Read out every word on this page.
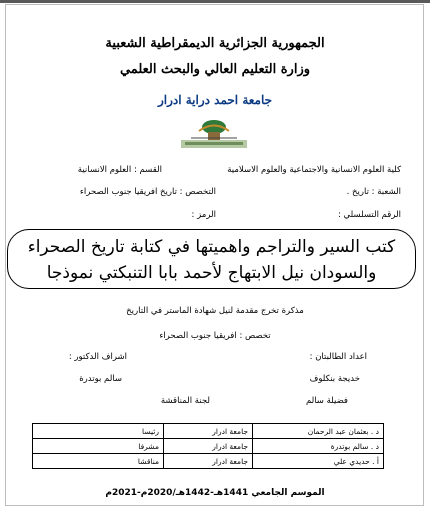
الجمهورية الجزائرية الديمقراطية الشعبية
وزارة التعليم العالي والبحث العلمي
جامعة احمد دراية ادرار
كلية العلوم الانسانية والاجتماعية والعلوم الاسلامية
القسم : العلوم الانسانية
الشعبة : تاريخ .
التخصص : تاريخ افريقيا جنوب الصحراء
الرقم التسلسلي :
الرمز :
كتب السير والتراجم واهميتها في كتابة تاريخ الصحراء
والسودان نيل الابتهاج لأحمد بابا التنبكتي نموذجا
مذكرة تخرج مقدمة لنيل شهادة الماستر في التاريخ
تخصص : افريقيا جنوب الصحراء
اعداد الطالبتان :
اشراف الدكتور :
خديجة بنكلوف
سالم بوتدرة
فضيلة سالم
لجنة المناقشة
د . بعثمان عبد الرحمان	جامعة ادرار	رئيسا
د . سالم بوتدرة	جامعة ادرار	مشرفا
أ . حديدي علي	جامعة ادرار	مناقشا
الموسم الجامعي 1441هـ-1442هـ/2020م-2021م
